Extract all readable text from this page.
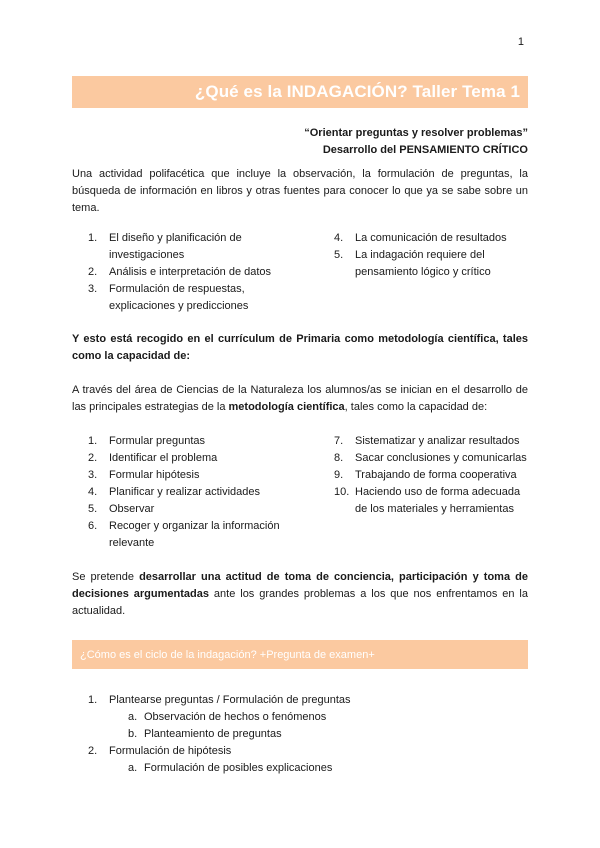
1
¿Qué es la INDAGACIÓN? Taller Tema 1
“Orientar preguntas y resolver problemas”
Desarrollo del PENSAMIENTO CRÍTICO
Una actividad polifacética que incluye la observación, la formulación de preguntas, la búsqueda de información en libros y otras fuentes para conocer lo que ya se sabe sobre un tema.
1. El diseño y planificación de investigaciones
2. Análisis e interpretación de datos
3. Formulación de respuestas, explicaciones y predicciones
4. La comunicación de resultados
5. La indagación requiere del pensamiento lógico y crítico
Y esto está recogido en el currículum de Primaria como metodología científica, tales como la capacidad de:
A través del área de Ciencias de la Naturaleza los alumnos/as se inician en el desarrollo de las principales estrategias de la metodología científica, tales como la capacidad de:
1. Formular preguntas
2. Identificar el problema
3. Formular hipótesis
4. Planificar y realizar actividades
5. Observar
6. Recoger y organizar la información relevante
7. Sistematizar y analizar resultados
8. Sacar conclusiones y comunicarlas
9. Trabajando de forma cooperativa
10. Haciendo uso de forma adecuada de los materiales y herramientas
Se pretende desarrollar una actitud de toma de conciencia, participación y toma de decisiones argumentadas ante los grandes problemas a los que nos enfrentamos en la actualidad.
¿Cómo es el ciclo de la indagación? +Pregunta de examen+
1. Plantearse preguntas / Formulación de preguntas
a. Observación de hechos o fenómenos
b. Planteamiento de preguntas
2. Formulación de hipótesis
a. Formulación de posibles explicaciones
